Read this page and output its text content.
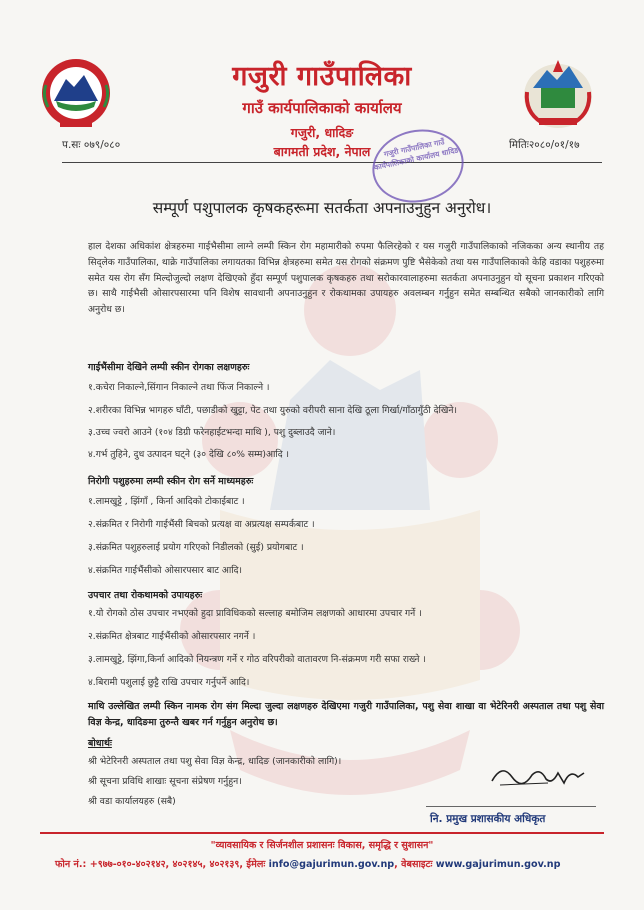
गजुरी गाउँपालिका
गाउँ कार्यपालिकाको कार्यालय
गजुरी, धादिङ
बागमती प्रदेश, नेपाल
प.सः ०७९/०८०	मितिः२०८०/०१/१७
गजुरी गाउँपालिका गाउँ कार्यपालिकाको कार्यालय धादिङ
सम्पूर्ण पशुपालक कृषकहरूमा सतर्कता अपनाउनुहुन अनुरोध।
हाल देशका अधिकांश क्षेत्रहरुमा गाईभैसीमा लाग्ने लम्पी स्किन रोग महामारीको रुपमा फैलिरहेको र यस गजुरी गाउँपालिकाको नजिकका अन्य स्थानीय तह सिद्लेक गाउँपालिका, थाक्रे गाउँपालिका लगायतका विभिन्न क्षेत्रहरुमा समेत यस रोगको संक्रमण पुष्टि भैसेकेको तथा यस गाउँपालिकाको केहि वडाका पशुहरुमा समेत यस रोग सँग मिल्दोजुल्दो लक्षण देखिएको हुँदा सम्पूर्ण पशुपालक कृषकहरु तथा सरोकारवालाहरुमा सतर्कता अपनाउनुहुन यो सूचना प्रकाशन गरिएको छ। साथै गाईभैसी ओसारपसारमा पनि विशेष सावधानी अपनाउनुहुन र रोकथामका उपायहरु अवलम्बन गर्नुहुन समेत सम्बन्धित सबैको जानकारीको लागि अनुरोध छ।
गाईभैंसीमा देखिने लम्पी स्कीन रोगका लक्षणहरुः
१.कचेरा निकाल्ने,सिंगान निकाल्ने तथा फिंज निकाल्ने ।
२.शरीरका विभिन्न भागहरु घाँटी, पछाडीको खुट्टा, पेट तथा युरुको वरीपरी साना देखि ठूला गिर्खा/गाँठागुँठी देखिने।
३.उच्च ज्वरो आउने (१०४ डिग्री फरेनहाईटभन्दा माथि ), पशु दुब्लाउदै जाने।
४.गर्भ तुहिने, दुध उत्पादन घट्ने (३० देखि ८०% सम्म)आदि ।
निरोगी पशुहरुमा लम्पी स्कीन रोग सर्ने माध्यमहरुः
१.लामखुट्टे , झिंगाँ , किर्ना आदिको टोकाईबाट ।
२.संक्रमित र निरोगी गाईभैंसी बिचको प्रत्यक्ष वा अप्रत्यक्ष सम्पर्कबाट ।
३.संक्रमित पशुहरुलाई प्रयोग गरिएको निडीलको (सुई) प्रयोगबाट ।
४.संक्रमित गाईभैंसीको ओसारपसार बाट आदि।
उपचार तथा रोकथामको उपायहरुः
१.यो रोगको ठोस उपचार नभएको हुदा प्राविधिकको सल्लाह बमोजिम लक्षणको आधारमा उपचार गर्ने ।
२.संक्रमित क्षेत्रबाट गाईभैंसीको ओसारपसार नगर्ने ।
३.लामखुट्टे, झिंगा,किर्ना आदिको नियन्त्रण गर्ने र गोठ वरिपरीको वातावरण नि-संक्रमण गरी सफा राख्ने ।
४.बिरामी पशुलाई छुट्टै राखि उपचार गर्नुपर्ने आदि।
माथि उल्लेखित लम्पी स्किन नामक रोग संग मिल्दा जुल्दा लक्षणहरु देखिएमा गजुरी गाउँपालिका, पशु सेवा शाखा वा भेटेरिनरी अस्पताल तथा पशु सेवा विज्ञ केन्द्र, धादिङमा तुरुन्तै खबर गर्न गर्नुहुन अनुरोध छ।
बोधार्थः
श्री भेटेरिनरी अस्पताल तथा पशु सेवा विज्ञ केन्द्र, धादिङ (जानकारीको लागि)।
श्री सूचना प्रविधि शाखाः सूचना संप्रेषण गर्नुहुन।
श्री वडा कार्यालयहरु (सबै)
नि. प्रमुख प्रशासकीय अधिकृत
"व्यावसायिक र सिर्जनशील प्रशासनः विकास, समृद्धि र सुशासन"
फोन नं.: +९७७-०१०-४०२१४२, ४०२१४५, ४०२१३९, ईमेलः info@gajurimun.gov.np, वेबसाइटः www.gajurimun.gov.np
